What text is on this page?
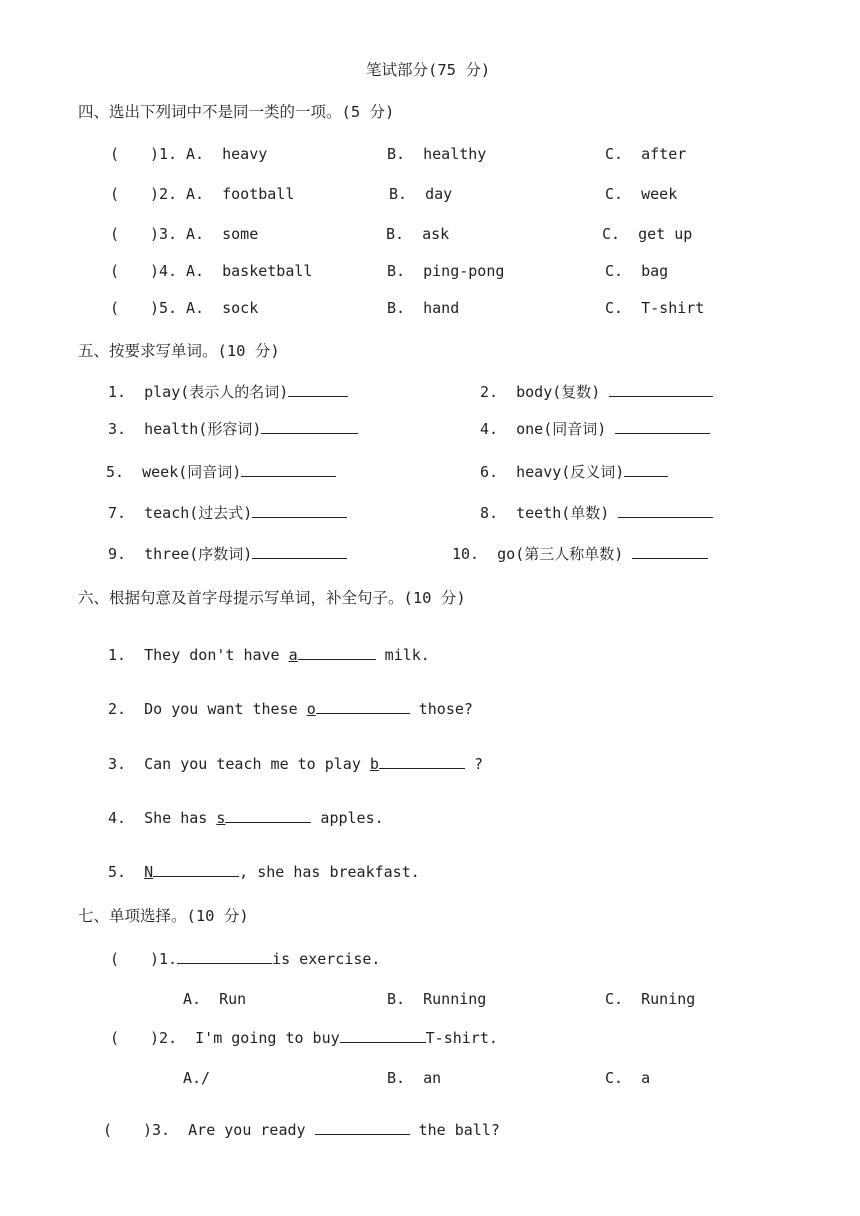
笔试部分(75 分)
四、选出下列词中不是同一类的一项。(5 分)
( )1. A. heavy	B. healthy	C. after
( )2. A. football	B. day	C. week
( )3. A. some	B. ask	C. get up
( )4. A. basketball	B. ping-pong	C. bag
( )5. A. sock	B. hand	C. T-shirt
五、按要求写单词。(10 分)
1.  play(表示人的名词)	2.  body(复数)
3.  health(形容词)	4.  one(同音词)
5.  week(同音词)	6.  heavy(反义词)
7.  teach(过去式)	8.  teeth(单数)
9.  three(序数词)	10.  go(第三人称单数)
六、根据句意及首字母提示写单词，补全句子。(10 分)
1.  They don't have a	milk.
2.  Do you want these o	those?
3.  Can you teach me to play b	?
4.  She has s	apples.
5.  N	, she has breakfast.
七、单项选择。(10 分)
( )1.	is exercise.
A.  Run	B.  Running	C.  Runing
( )2.  I'm going to buy	T-shirt.
A./	B.  an	C.  a
( )3.  Are you ready	the ball?
